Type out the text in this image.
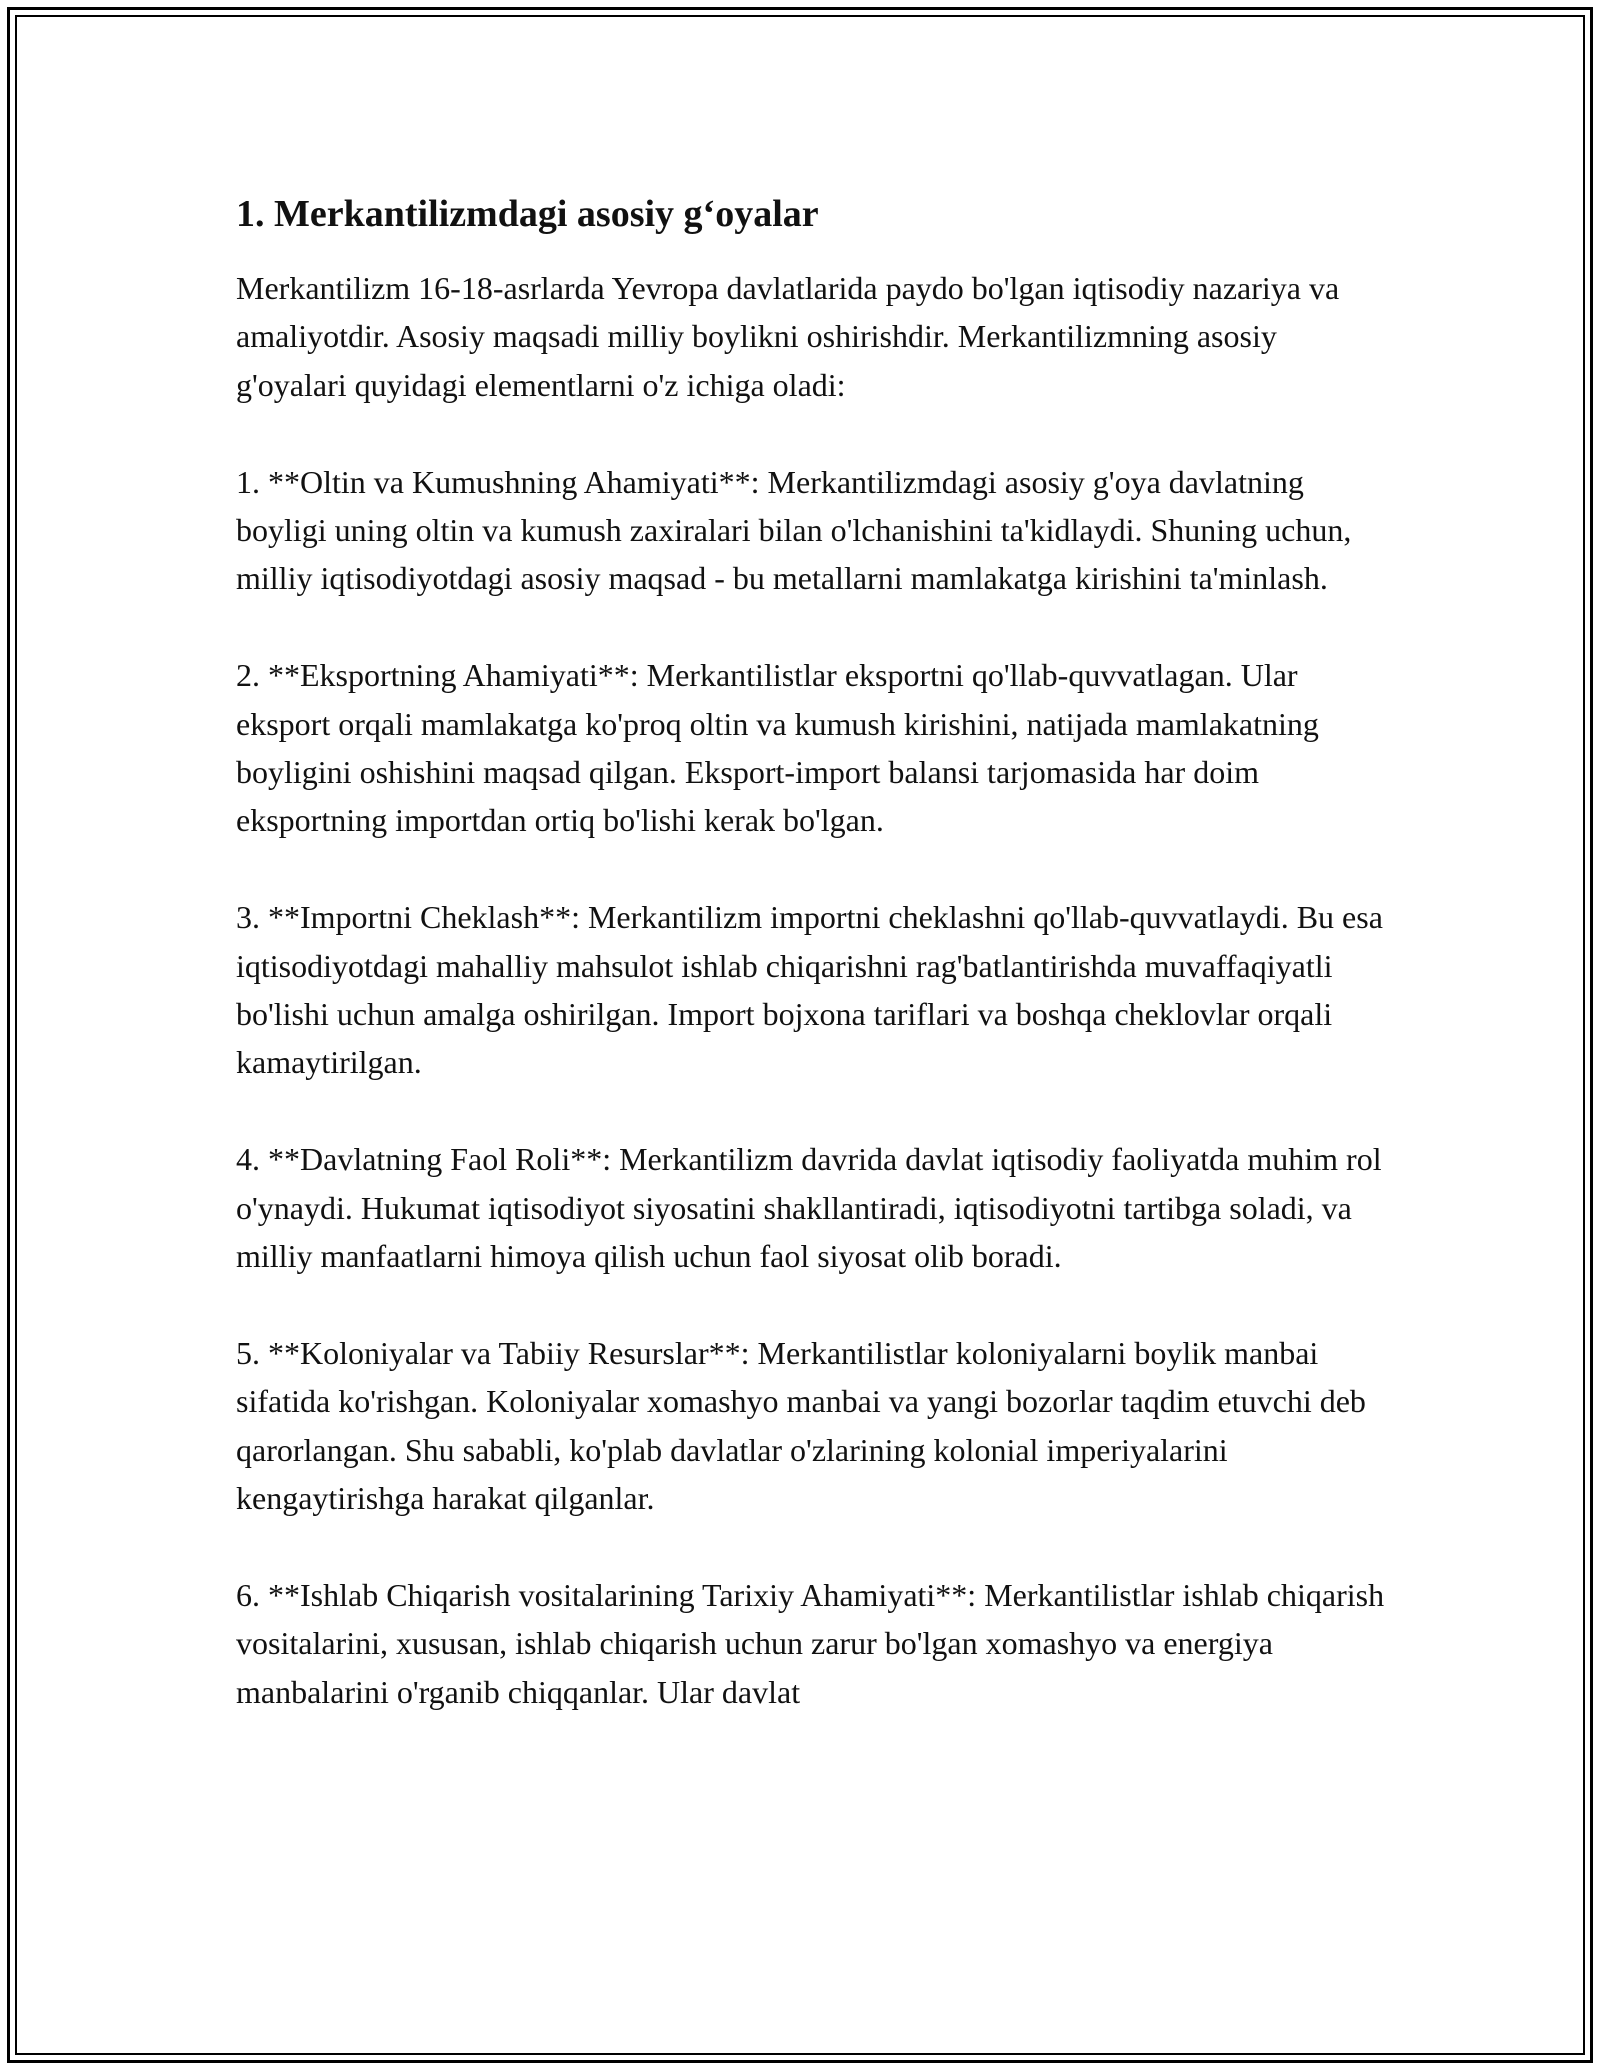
1. Merkantilizmdagi asosiy g‘oyalar

Merkantilizm 16-18-asrlarda Yevropa davlatlarida paydo bo'lgan iqtisodiy nazariya va amaliyotdir. Asosiy maqsadi milliy boylikni oshirishdir. Merkantilizmning asosiy g'oyalari quyidagi elementlarni o'z ichiga oladi:

1. **Oltin va Kumushning Ahamiyati**: Merkantilizmdagi asosiy g'oya davlatning boyligi uning oltin va kumush zaxiralari bilan o'lchanishini ta'kidlaydi. Shuning uchun, milliy iqtisodiyotdagi asosiy maqsad - bu metallarni mamlakatga kirishini ta'minlash.

2. **Eksportning Ahamiyati**: Merkantilistlar eksportni qo'llab-quvvatlagan. Ular eksport orqali mamlakatga ko'proq oltin va kumush kirishini, natijada mamlakatning boyligini oshishini maqsad qilgan. Eksport-import balansi tarjomasida har doim eksportning importdan ortiq bo'lishi kerak bo'lgan.

3. **Importni Cheklash**: Merkantilizm importni cheklashni qo'llab-quvvatlaydi. Bu esa iqtisodiyotdagi mahalliy mahsulot ishlab chiqarishni rag'batlantirishda muvaffaqiyatli bo'lishi uchun amalga oshirilgan. Import bojxona tariflari va boshqa cheklovlar orqali kamaytirilgan.

4. **Davlatning Faol Roli**: Merkantilizm davrida davlat iqtisodiy faoliyatda muhim rol o'ynaydi. Hukumat iqtisodiyot siyosatini shakllantiradi, iqtisodiyotni tartibga soladi, va milliy manfaatlarni himoya qilish uchun faol siyosat olib boradi.

5. **Koloniyalar va Tabiiy Resurslar**: Merkantilistlar koloniyalarni boylik manbai sifatida ko'rishgan. Koloniyalar xomashyo manbai va yangi bozorlar taqdim etuvchi deb qarorlangan. Shu sababli, ko'plab davlatlar o'zlarining kolonial imperiyalarini kengaytirishga harakat qilganlar.

6. **Ishlab Chiqarish vositalarining Tarixiy Ahamiyati**: Merkantilistlar ishlab chiqarish vositalarini, xususan, ishlab chiqarish uchun zarur bo'lgan xomashyo va energiya manbalarini o'rganib chiqqanlar. Ular davlat
